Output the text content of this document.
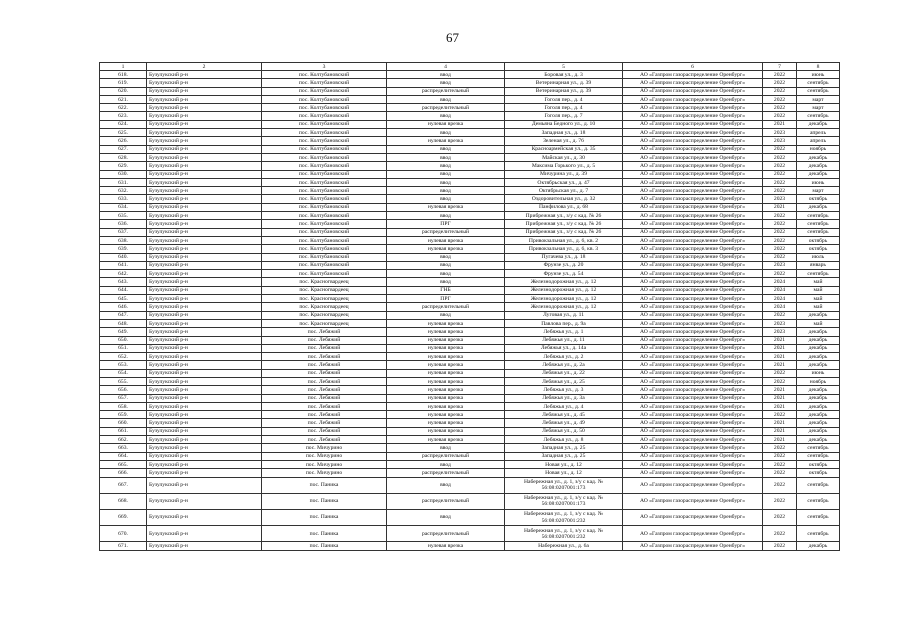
67
1	2	3	4	5	6	7	8
618.	Бузулукский р-н	пос. Колтубановский	ввод	Боровая ул., д. 3	АО «Газпром газораспределение Оренбург»	2022	июнь
619.	Бузулукский р-н	пос. Колтубановский	ввод	Ветеринарная ул., д. 39	АО «Газпром газораспределение Оренбург»	2022	сентябрь
620.	Бузулукский р-н	пос. Колтубановский	распределительный	Ветеринарная ул., д. 39	АО «Газпром газораспределение Оренбург»	2022	сентябрь
621.	Бузулукский р-н	пос. Колтубановский	ввод	Гоголя пер., д. 4	АО «Газпром газораспределение Оренбург»	2022	март
622.	Бузулукский р-н	пос. Колтубановский	распределительный	Гоголя пер., д. 4	АО «Газпром газораспределение Оренбург»	2022	март
623.	Бузулукский р-н	пос. Колтубановский	ввод	Гоголя пер., д. 7	АО «Газпром газораспределение Оренбург»	2022	сентябрь
624.	Бузулукский р-н	пос. Колтубановский	нулевая врезка	Демьяна Бедного ул., д. 10	АО «Газпром газораспределение Оренбург»	2021	декабрь
625.	Бузулукский р-н	пос. Колтубановский	ввод	Западная ул., д. 18	АО «Газпром газораспределение Оренбург»	2023	апрель
626.	Бузулукский р-н	пос. Колтубановский	нулевая врезка	Зеленая ул., д. 76	АО «Газпром газораспределение Оренбург»	2023	апрель
627.	Бузулукский р-н	пос. Колтубановский	ввод	Красноармейская ул., д. 35	АО «Газпром газораспределение Оренбург»	2022	ноябрь
628.	Бузулукский р-н	пос. Колтубановский	ввод	Майская ул., д. 30	АО «Газпром газораспределение Оренбург»	2022	декабрь
629.	Бузулукский р-н	пос. Колтубановский	ввод	Максима Горького ул., д. 5	АО «Газпром газораспределение Оренбург»	2022	декабрь
630.	Бузулукский р-н	пос. Колтубановский	ввод	Мичурина ул., д. 39	АО «Газпром газораспределение Оренбург»	2022	декабрь
631.	Бузулукский р-н	пос. Колтубановский	ввод	Октябрьская ул., д. 47	АО «Газпром газораспределение Оренбург»	2022	июнь
632.	Бузулукский р-н	пос. Колтубановский	ввод	Октябрьская ул., д. 7	АО «Газпром газораспределение Оренбург»	2022	март
633.	Бузулукский р-н	пос. Колтубановский	ввод	Оздоровительная ул., д. 32	АО «Газпром газораспределение Оренбург»	2023	октябрь
634.	Бузулукский р-н	пос. Колтубановский	нулевая врезка	Панфилова ул., д. 68	АО «Газпром газораспределение Оренбург»	2021	декабрь
635.	Бузулукский р-н	пос. Колтубановский	ввод	Прибрежная ул., з/у с кад. № 26	АО «Газпром газораспределение Оренбург»	2022	сентябрь
636.	Бузулукский р-н	пос. Колтубановский	ПРГ	Прибрежная ул., з/у с кад. № 26	АО «Газпром газораспределение Оренбург»	2022	сентябрь
637.	Бузулукский р-н	пос. Колтубановский	распределительный	Прибрежная ул., з/у с кад. № 26	АО «Газпром газораспределение Оренбург»	2022	сентябрь
638.	Бузулукский р-н	пос. Колтубановский	нулевая врезка	Привокзальная ул., д. 6, кв. 2	АО «Газпром газораспределение Оренбург»	2022	октябрь
639.	Бузулукский р-н	пос. Колтубановский	нулевая врезка	Привокзальная ул., д. 6, кв. 3	АО «Газпром газораспределение Оренбург»	2022	октябрь
640.	Бузулукский р-н	пос. Колтубановский	ввод	Пугачева ул., д. 18	АО «Газпром газораспределение Оренбург»	2022	июль
641.	Бузулукский р-н	пос. Колтубановский	ввод	Фрунзе ул., д. 20	АО «Газпром газораспределение Оренбург»	2023	январь
642.	Бузулукский р-н	пос. Колтубановский	ввод	Фрунзе ул., д. 54	АО «Газпром газораспределение Оренбург»	2022	сентябрь
643.	Бузулукский р-н	пос. Красногвардеец	ввод	Железнодорожная ул., д. 12	АО «Газпром газораспределение Оренбург»	2024	май
644.	Бузулукский р-н	пос. Красногвардеец	ГНБ	Железнодорожная ул., д. 12	АО «Газпром газораспределение Оренбург»	2024	май
645.	Бузулукский р-н	пос. Красногвардеец	ПРГ	Железнодорожная ул., д. 12	АО «Газпром газораспределение Оренбург»	2024	май
646.	Бузулукский р-н	пос. Красногвардеец	распределительный	Железнодорожная ул., д. 12	АО «Газпром газораспределение Оренбург»	2024	май
647.	Бузулукский р-н	пос. Красногвардеец	ввод	Луговая ул., д. 11	АО «Газпром газораспределение Оренбург»	2022	декабрь
648.	Бузулукский р-н	пос. Красногвардеец	нулевая врезка	Павлова пер., д. 9а	АО «Газпром газораспределение Оренбург»	2023	май
649.	Бузулукский р-н	пос. Лебяжий	нулевая врезка	Лебяжья ул., д. 1	АО «Газпром газораспределение Оренбург»	2023	декабрь
650.	Бузулукский р-н	пос. Лебяжий	нулевая врезка	Лебяжья ул., д. 11	АО «Газпром газораспределение Оренбург»	2021	декабрь
651.	Бузулукский р-н	пос. Лебяжий	нулевая врезка	Лебяжья ул., д. 14а	АО «Газпром газораспределение Оренбург»	2021	декабрь
652.	Бузулукский р-н	пос. Лебяжий	нулевая врезка	Лебяжья ул., д. 2	АО «Газпром газораспределение Оренбург»	2021	декабрь
653.	Бузулукский р-н	пос. Лебяжий	нулевая врезка	Лебяжья ул., д. 2а	АО «Газпром газораспределение Оренбург»	2021	декабрь
654.	Бузулукский р-н	пос. Лебяжий	нулевая врезка	Лебяжья ул., д. 22	АО «Газпром газораспределение Оренбург»	2022	июнь
655.	Бузулукский р-н	пос. Лебяжий	нулевая врезка	Лебяжья ул., д. 25	АО «Газпром газораспределение Оренбург»	2022	ноябрь
656.	Бузулукский р-н	пос. Лебяжий	нулевая врезка	Лебяжья ул., д. 3	АО «Газпром газораспределение Оренбург»	2021	декабрь
657.	Бузулукский р-н	пос. Лебяжий	нулевая врезка	Лебяжья ул., д. 3а	АО «Газпром газораспределение Оренбург»	2021	декабрь
658.	Бузулукский р-н	пос. Лебяжий	нулевая врезка	Лебяжья ул., д. 4	АО «Газпром газораспределение Оренбург»	2021	декабрь
659.	Бузулукский р-н	пос. Лебяжий	нулевая врезка	Лебяжья ул., д. 45	АО «Газпром газораспределение Оренбург»	2022	декабрь
660.	Бузулукский р-н	пос. Лебяжий	нулевая врезка	Лебяжья ул., д. 49	АО «Газпром газораспределение Оренбург»	2021	декабрь
661.	Бузулукский р-н	пос. Лебяжий	нулевая врезка	Лебяжья ул., д. 50	АО «Газпром газораспределение Оренбург»	2021	декабрь
662.	Бузулукский р-н	пос. Лебяжий	нулевая врезка	Лебяжья ул., д. 8	АО «Газпром газораспределение Оренбург»	2021	декабрь
663.	Бузулукский р-н	пос. Мичурино	ввод	Западная ул., д. 25	АО «Газпром газораспределение Оренбург»	2022	сентябрь
664.	Бузулукский р-н	пос. Мичурино	распределительный	Западная ул., д. 25	АО «Газпром газораспределение Оренбург»	2022	сентябрь
665.	Бузулукский р-н	пос. Мичурино	ввод	Новая ул., д. 12	АО «Газпром газораспределение Оренбург»	2022	октябрь
666.	Бузулукский р-н	пос. Мичурино	распределительный	Новая ул., д. 12	АО «Газпром газораспределение Оренбург»	2022	октябрь
667.	Бузулукский р-н	пос. Паника	ввод	Набережная ул., д. 1, з/у с кад. № 56:08:0207001:173	АО «Газпром газораспределение Оренбург»	2022	сентябрь
668.	Бузулукский р-н	пос. Паника	распределительный	Набережная ул., д. 1, з/у с кад. № 56:08:0207001:173	АО «Газпром газораспределение Оренбург»	2022	сентябрь
669.	Бузулукский р-н	пос. Паника	ввод	Набережная ул., д. 1, з/у с кад. № 56:08:0207001:232	АО «Газпром газораспределение Оренбург»	2022	сентябрь
670.	Бузулукский р-н	пос. Паника	распределительный	Набережная ул., д. 1, з/у с кад. № 56:08:0207001:232	АО «Газпром газораспределение Оренбург»	2022	сентябрь
671.	Бузулукский р-н	пос. Паника	нулевая врезка	Набережная ул., д. 6а	АО «Газпром газораспределение Оренбург»	2022	декабрь
